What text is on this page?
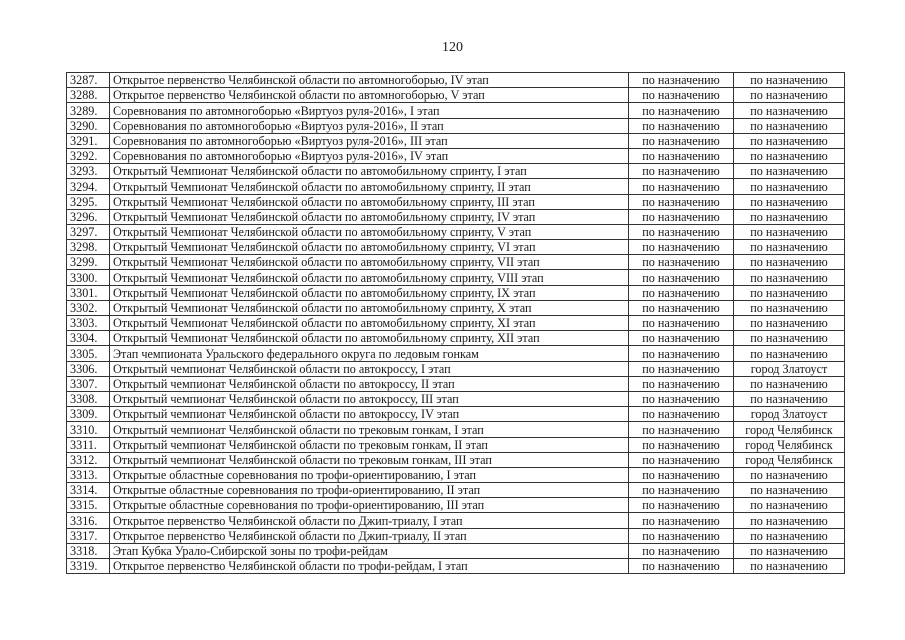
120
3287.	Открытое первенство Челябинской области по автомногоборью, IV этап	по назначению	по назначению
3288.	Открытое первенство Челябинской области по автомногоборью, V этап	по назначению	по назначению
3289.	Соревнования по автомногоборью «Виртуоз руля-2016», I этап	по назначению	по назначению
3290.	Соревнования по автомногоборью «Виртуоз руля-2016», II этап	по назначению	по назначению
3291.	Соревнования по автомногоборью «Виртуоз руля-2016», III этап	по назначению	по назначению
3292.	Соревнования по автомногоборью «Виртуоз руля-2016», IV этап	по назначению	по назначению
3293.	Открытый Чемпионат Челябинской области по автомобильному спринту, I этап	по назначению	по назначению
3294.	Открытый Чемпионат Челябинской области по автомобильному спринту, II этап	по назначению	по назначению
3295.	Открытый Чемпионат Челябинской области по автомобильному спринту, III этап	по назначению	по назначению
3296.	Открытый Чемпионат Челябинской области по автомобильному спринту, IV этап	по назначению	по назначению
3297.	Открытый Чемпионат Челябинской области по автомобильному спринту, V этап	по назначению	по назначению
3298.	Открытый Чемпионат Челябинской области по автомобильному спринту, VI этап	по назначению	по назначению
3299.	Открытый Чемпионат Челябинской области по автомобильному спринту, VII этап	по назначению	по назначению
3300.	Открытый Чемпионат Челябинской области по автомобильному спринту, VIII этап	по назначению	по назначению
3301.	Открытый Чемпионат Челябинской области по автомобильному спринту, IX этап	по назначению	по назначению
3302.	Открытый Чемпионат Челябинской области по автомобильному спринту, X этап	по назначению	по назначению
3303.	Открытый Чемпионат Челябинской области по автомобильному спринту, XI этап	по назначению	по назначению
3304.	Открытый Чемпионат Челябинской области по автомобильному спринту, XII этап	по назначению	по назначению
3305.	Этап чемпионата Уральского федерального округа по ледовым гонкам	по назначению	по назначению
3306.	Открытый чемпионат Челябинской области по автокроссу, I этап	по назначению	город Златоуст
3307.	Открытый чемпионат Челябинской области по автокроссу, II этап	по назначению	по назначению
3308.	Открытый чемпионат Челябинской области по автокроссу, III этап	по назначению	по назначению
3309.	Открытый чемпионат Челябинской области по автокроссу, IV этап	по назначению	город Златоуст
3310.	Открытый чемпионат Челябинской области по трековым гонкам, I этап	по назначению	город Челябинск
3311.	Открытый чемпионат Челябинской области по трековым гонкам, II этап	по назначению	город Челябинск
3312.	Открытый чемпионат Челябинской области по трековым гонкам, III этап	по назначению	город Челябинск
3313.	Открытые областные соревнования по трофи-ориентированию, I этап	по назначению	по назначению
3314.	Открытые областные соревнования по трофи-ориентированию, II этап	по назначению	по назначению
3315.	Открытые областные соревнования по трофи-ориентированию, III этап	по назначению	по назначению
3316.	Открытое первенство Челябинской области по Джип-триалу, I этап	по назначению	по назначению
3317.	Открытое первенство Челябинской области по Джип-триалу, II этап	по назначению	по назначению
3318.	Этап Кубка Урало-Сибирской зоны по трофи-рейдам	по назначению	по назначению
3319.	Открытое первенство Челябинской области по трофи-рейдам, I этап	по назначению	по назначению
